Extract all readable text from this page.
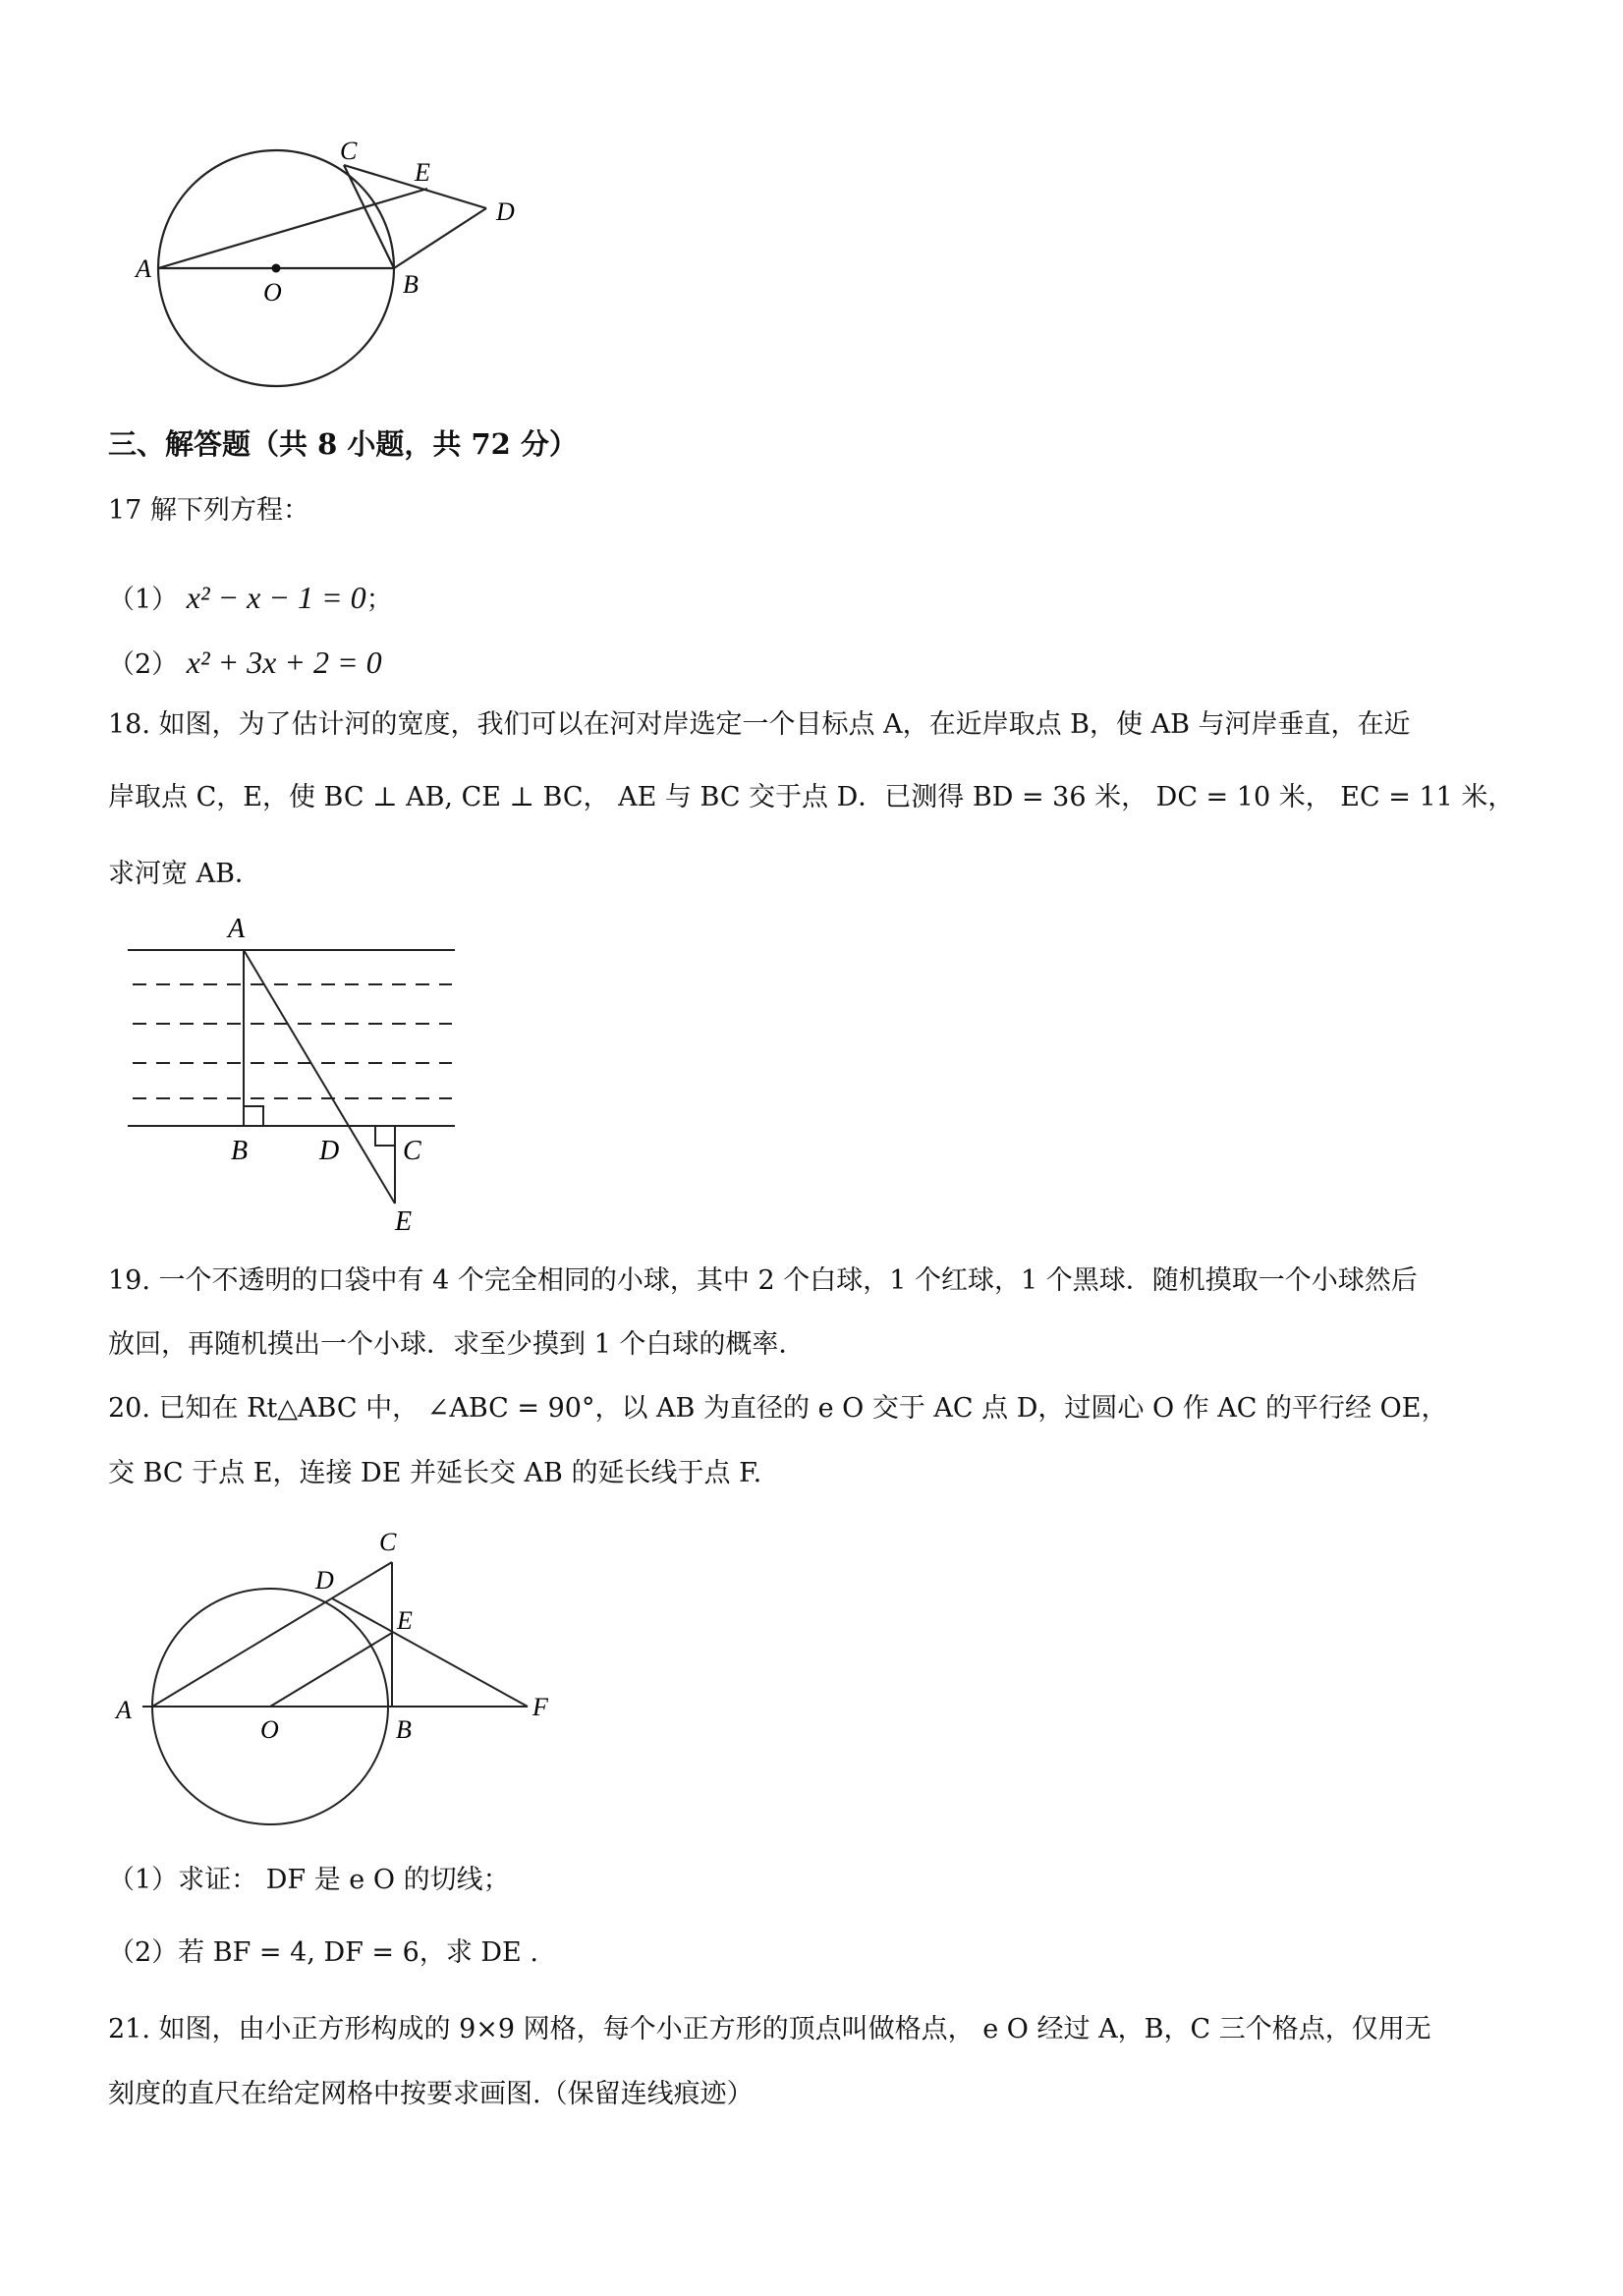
A
O	B
C
E
D
三、解答题（共 8 小题，共 72 分）
17 解下列方程：
（1） x² − x − 1 = 0；
（2） x² + 3x + 2 = 0
18. 如图，为了估计河的宽度，我们可以在河对岸选定一个目标点 A，在近岸取点 B，使 AB 与河岸垂直，在近
岸取点 C，E，使 BC ⊥ AB, CE ⊥ BC， AE 与 BC 交于点 D．已测得 BD = 36 米， DC = 10 米， EC = 11 米，
求河宽 AB．
A
B	D C
E
19. 一个不透明的口袋中有 4 个完全相同的小球，其中 2 个白球，1 个红球，1 个黑球．随机摸取一个小球然后
放回，再随机摸出一个小球．求至少摸到 1 个白球的概率．
20. 已知在 Rt△ABC 中， ∠ABC = 90°，以 AB 为直径的 e O 交于 AC 点 D，过圆心 O 作 AC 的平行经 OE，
交 BC 于点 E，连接 DE 并延长交 AB 的延长线于点 F.
A
O	B
F
C
D
E
（1）求证： DF 是 e O 的切线；
（2）若 BF = 4, DF = 6，求 DE .
21. 如图，由小正方形构成的 9×9 网格，每个小正方形的顶点叫做格点， e O 经过 A，B，C 三个格点，仅用无
刻度的直尺在给定网格中按要求画图.（保留连线痕迹）
